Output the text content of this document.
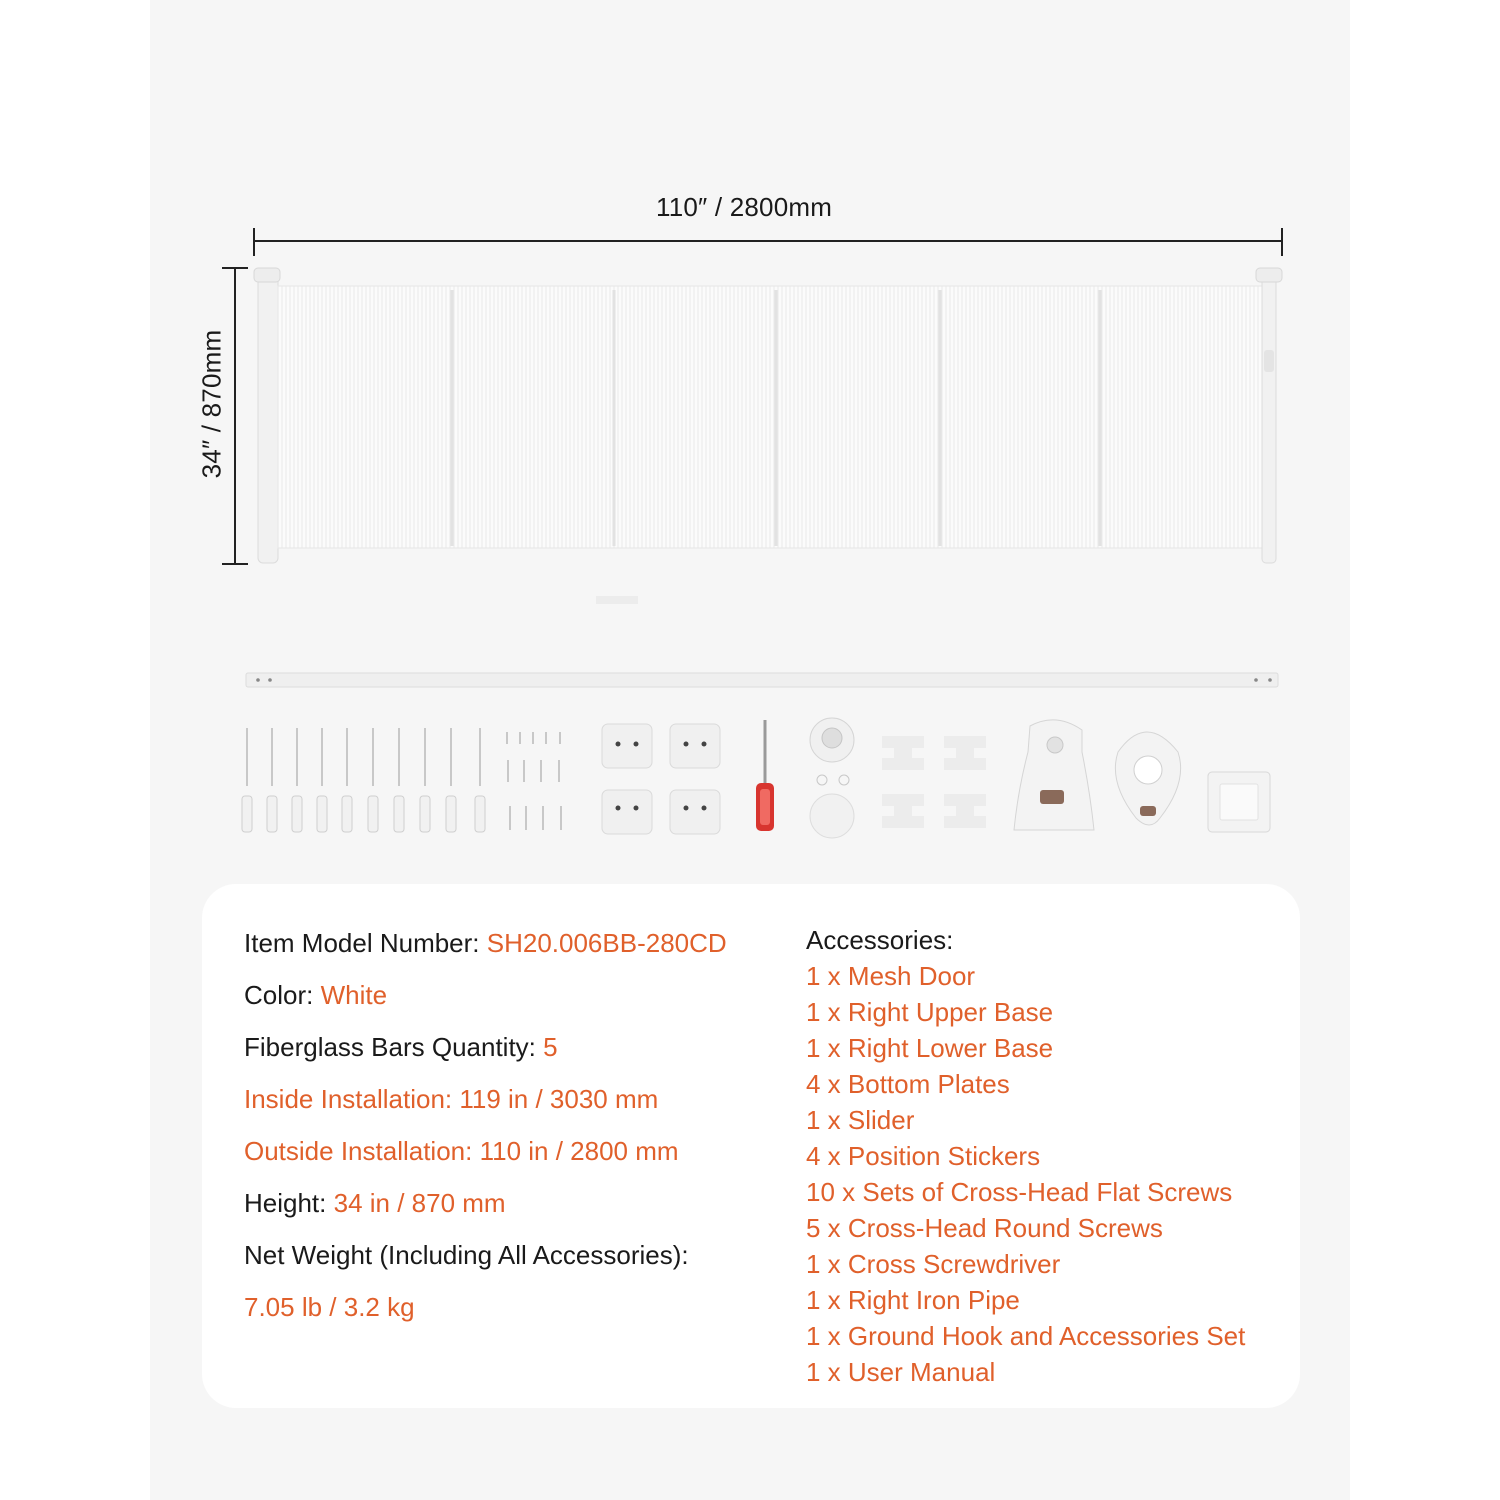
110″ / 2800mm
34″ / 870mm
Item Model Number: SH20.006BB-280CD
Color: White
Fiberglass Bars Quantity: 5
Inside Installation: 119 in / 3030 mm
Outside Installation: 110 in / 2800 mm
Height: 34 in / 870 mm
Net Weight (Including All Accessories):
7.05 lb / 3.2 kg
Accessories:
1 x Mesh Door
1 x Right Upper Base
1 x Right Lower Base
4 x Bottom Plates
1 x Slider
4 x Position Stickers
10 x Sets of Cross-Head Flat Screws
5 x Cross-Head Round Screws
1 x Cross Screwdriver
1 x Right Iron Pipe
1 x Ground Hook and Accessories Set
1 x User Manual
